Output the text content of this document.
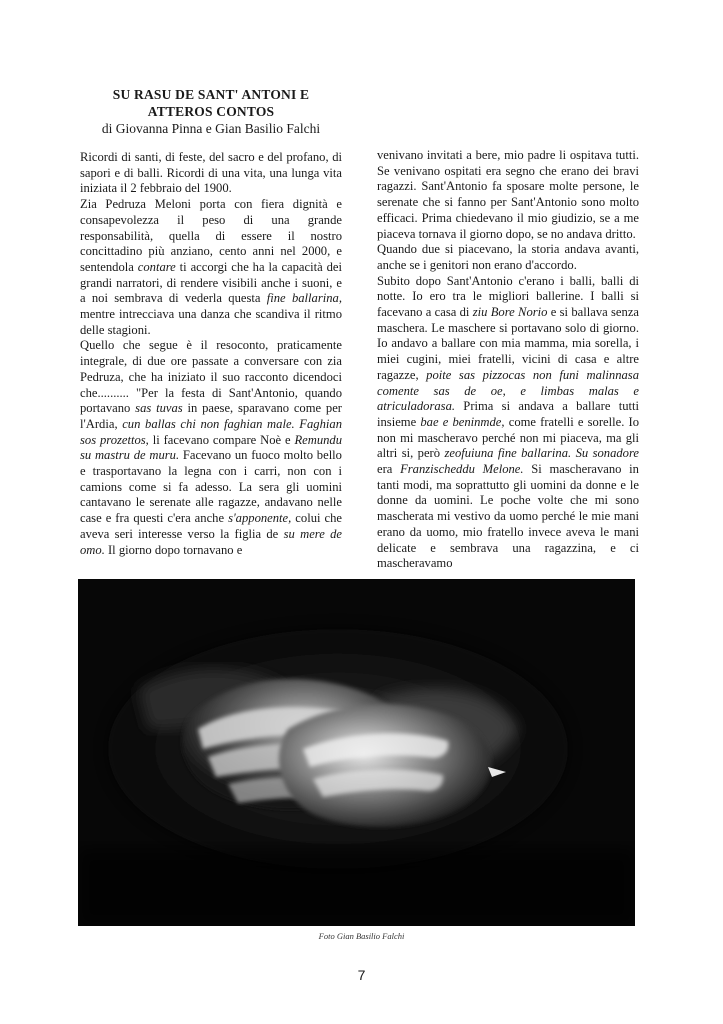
SU RASU DE SANT' ANTONI E
ATTEROS CONTOS
di Giovanna Pinna e Gian Basilio Falchi

Ricordi di santi, di feste, del sacro e del profano, di sapori e di balli. Ricordi di una vita, una lunga vita iniziata il 2 febbraio del 1900.

Zia Pedruza Meloni porta con fiera dignità e consapevolezza il peso di una grande responsabilità, quella di essere il nostro concittadino più anziano, cento anni nel 2000, e sentendola contare ti accorgi che ha la capacità dei grandi narratori, di rendere visibili anche i suoni, e a noi sembrava di vederla questa fine ballarina, mentre intrecciava una danza che scandiva il ritmo delle stagioni.

Quello che segue è il resoconto, praticamente integrale, di due ore passate a conversare con zia Pedruza, che ha iniziato il suo racconto dicendoci che.......... "Per la festa di Sant'Antonio, quando portavano sas tuvas in paese, sparavano come per l'Ardia, cun ballas chi non faghian male. Faghian sos prozettos, li facevano compare Noè e Remundu su mastru de muru. Facevano un fuoco molto bello e trasportavano la legna con i carri, non con i camions come si fa adesso. La sera gli uomini cantavano le serenate alle ragazze, andavano nelle case e fra questi c'era anche s'apponente, colui che aveva seri interesse verso la figlia de su mere de omo. Il giorno dopo tornavano e

venivano invitati a bere, mio padre li ospitava tutti. Se venivano ospitati era segno che erano dei bravi ragazzi. Sant'Antonio fa sposare molte persone, le serenate che si fanno per Sant'Antonio sono molto efficaci. Prima chiedevano il mio giudizio, se a me piaceva tornava il giorno dopo, se no andava dritto.

Quando due si piacevano, la storia andava avanti, anche se i genitori non erano d'accordo.

Subito dopo Sant'Antonio c'erano i balli, balli di notte. Io ero tra le migliori ballerine. I balli si facevano a casa di ziu Bore Norio e si ballava senza maschera. Le maschere si portavano solo di giorno. Io andavo a ballare con mia mamma, mia sorella, i miei cugini, miei fratelli, vicini di casa e altre ragazze, poite sas pizzocas non funi malinnasa comente sas de oe, e limbas malas e atriculadorasa. Prima si andava a ballare tutti insieme bae e beninmde, come fratelli e sorelle. Io non mi mascheravo perché non mi piaceva, ma gli altri si, però zeofuiuna fine ballarina. Su sonadore era Franzischeddu Melone. Si mascheravano in tanti modi, ma soprattutto gli uomini da donne e le donne da uomini. Le poche volte che mi sono mascherata mi vestivo da uomo perché le mie mani erano da uomo, mio fratello invece aveva le mani delicate e sembrava una ragazzina, e ci mascheravamo

Foto Gian Basilio Falchi
7
